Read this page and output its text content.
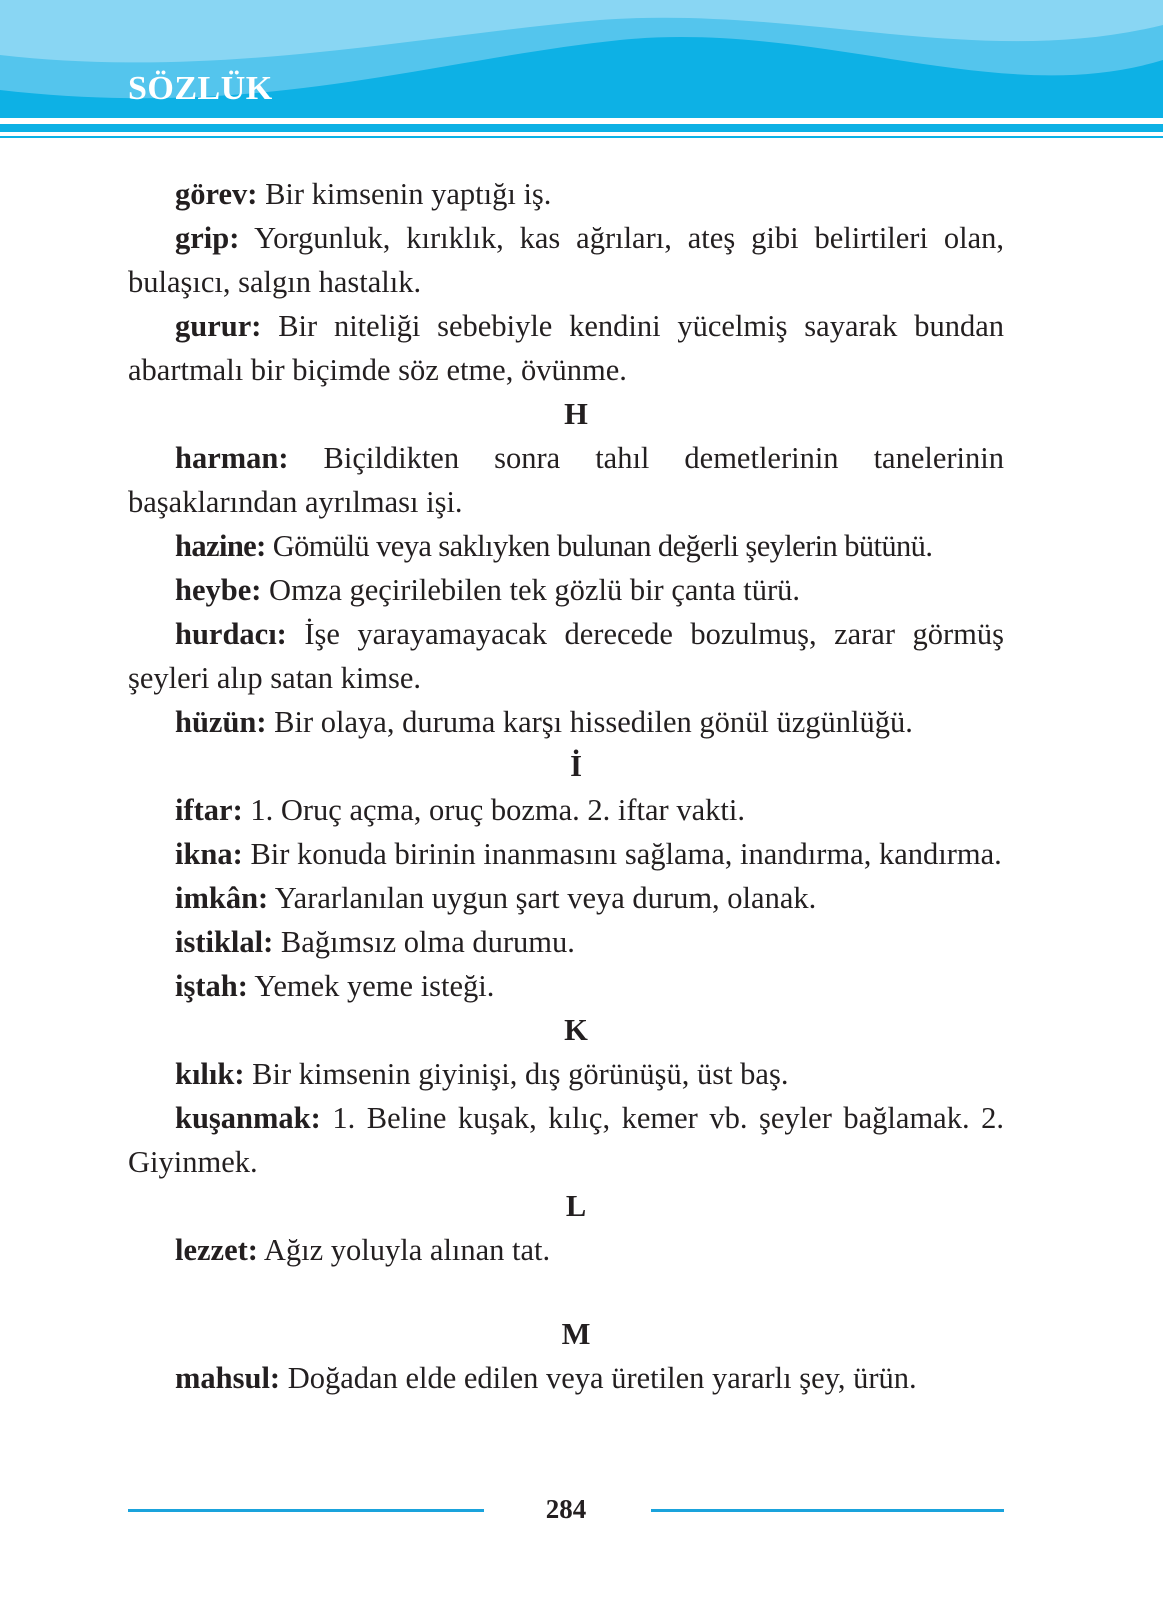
SÖZLÜK

görev: Bir kimsenin yaptığı iş.

grip: Yorgunluk, kırıklık, kas ağrıları, ateş gibi belirtileri olan, bulaşıcı, salgın hastalık.

gurur: Bir niteliği sebebiyle kendini yücelmiş sayarak bundan abartmalı bir biçimde söz etme, övünme.

H

harman: Biçildikten sonra tahıl demetlerinin tanelerinin başaklarından ayrılması işi.

hazine: Gömülü veya saklıyken bulunan değerli şeylerin bütünü.

heybe: Omza geçirilebilen tek gözlü bir çanta türü.

hurdacı: İşe yarayamayacak derecede bozulmuş, zarar görmüş şeyleri alıp satan kimse.

hüzün: Bir olaya, duruma karşı hissedilen gönül üzgünlüğü.

İ

iftar: 1. Oruç açma, oruç bozma. 2. iftar vakti.

ikna: Bir konuda birinin inanmasını sağlama, inandırma, kandırma.

imkân: Yararlanılan uygun şart veya durum, olanak.

istiklal: Bağımsız olma durumu.

iştah: Yemek yeme isteği.

K

kılık: Bir kimsenin giyinişi, dış görünüşü, üst baş.

kuşanmak: 1. Beline kuşak, kılıç, kemer vb. şeyler bağlamak. 2. Giyinmek.

L

lezzet: Ağız yoluyla alınan tat.

M

mahsul: Doğadan elde edilen veya üretilen yararlı şey, ürün.

284
